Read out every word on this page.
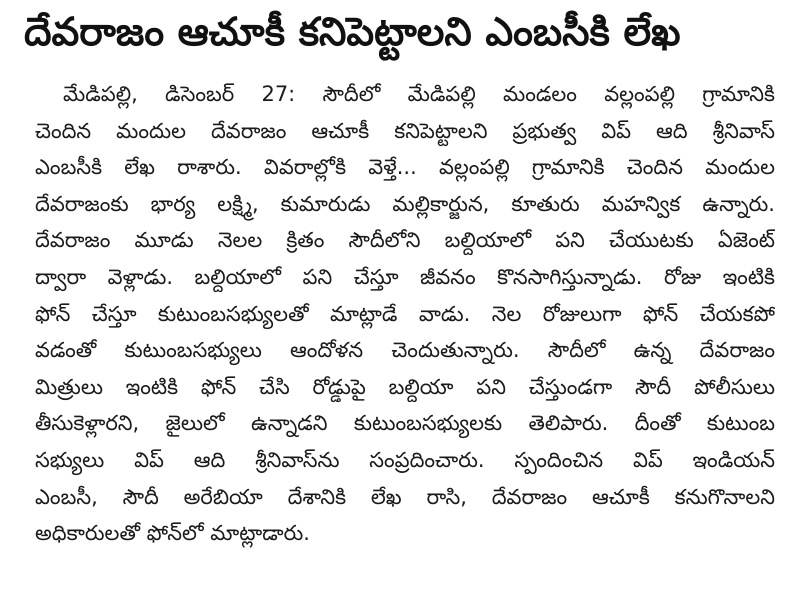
దేవరాజం ఆచూకీ కనిపెట్టాలని ఎంబసీకి లేఖ
మేడిపల్లి, డిసెంబర్ 27: సౌదీలో మేడిపల్లి మండలం వల్లంపల్లి గ్రామానికి
చెందిన మందుల దేవరాజం ఆచూకీ కనిపెట్టాలని ప్రభుత్వ విప్ ఆది శ్రీనివాస్
ఎంబసీకి లేఖ రాశారు. వివరాల్లోకి వెళ్తే... వల్లంపల్లి గ్రామానికి చెందిన మందుల
దేవరాజంకు భార్య లక్ష్మి, కుమారుడు మల్లికార్జున, కూతురు మహన్విక ఉన్నారు.
దేవరాజం మూడు నెలల క్రితం సౌదీలోని బల్దియాలో పని చేయుటకు ఏజెంట్
ద్వారా వెళ్లాడు. బల్దియాలో పని చేస్తూ జీవనం కొనసాగిస్తున్నాడు. రోజు ఇంటికి
ఫోన్ చేస్తూ కుటుంబసభ్యులతో మాట్లాడే వాడు. నెల రోజులుగా ఫోన్ చేయకపో
వడంతో కుటుంబసభ్యులు ఆందోళన చెందుతున్నారు. సౌదీలో ఉన్న దేవరాజం
మిత్రులు ఇంటికి ఫోన్ చేసి రోడ్డుపై బల్దియా పని చేస్తుండగా సౌదీ పోలీసులు
తీసుకెళ్లారని, జైలులో ఉన్నాడని కుటుంబసభ్యులకు తెలిపారు. దీంతో కుటుంబ
సభ్యులు విప్ ఆది శ్రీనివాస్‌ను సంప్రదించారు. స్పందించిన విప్ ఇండియన్
ఎంబసీ, సౌదీ అరేబియా దేశానికి లేఖ రాసి, దేవరాజం ఆచూకీ కనుగొనాలని
అధికారులతో ఫోన్‌లో మాట్లాడారు.
